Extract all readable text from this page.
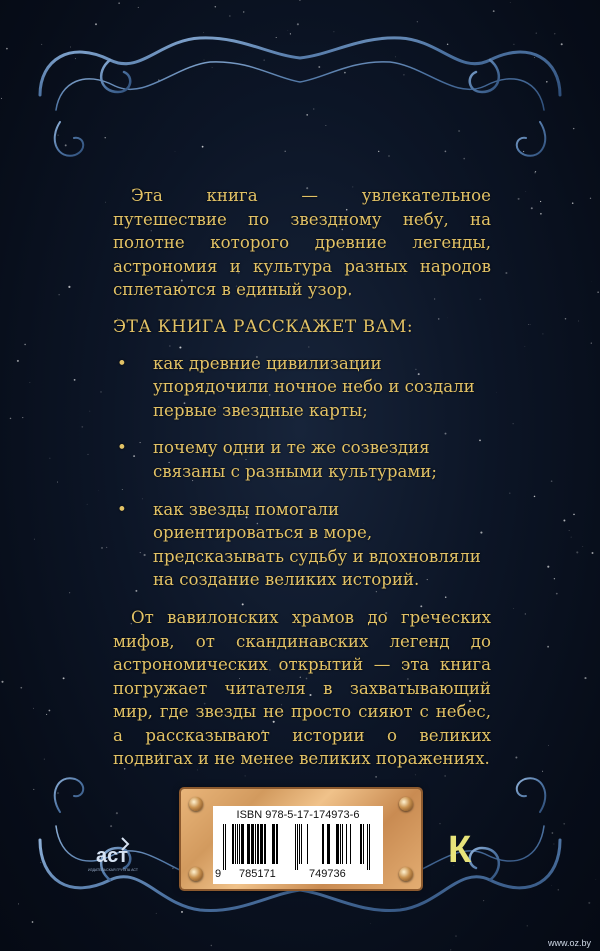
Эта книга — увлекательное путешествие по звездному небу, на полотне которого древние легенды, астрономия и культура разных народов сплетаются в единый узор.

ЭТА КНИГА РАССКАЖЕТ ВАМ:

• как древние цивилизации упорядочили ночное небо и создали первые звездные карты;
• почему одни и те же созвездия связаны с разными культурами;
• как звезды помогали ориентироваться в море, предсказывать судьбу и вдохновляли на создание великих историй.

От вавилонских храмов до греческих мифов, от скандинавских легенд до астрономических открытий — эта книга погружает читателя в захватывающий мир, где звезды не просто сияют с небес, а рассказывают истории о великих подвигах и не менее великих поражениях.

ISBN 978-5-17-174973-6
9 785171	749736
аст
ИЗДАТЕЛЬСКАЯ ГРУППА АСТ	К
www.oz.by
